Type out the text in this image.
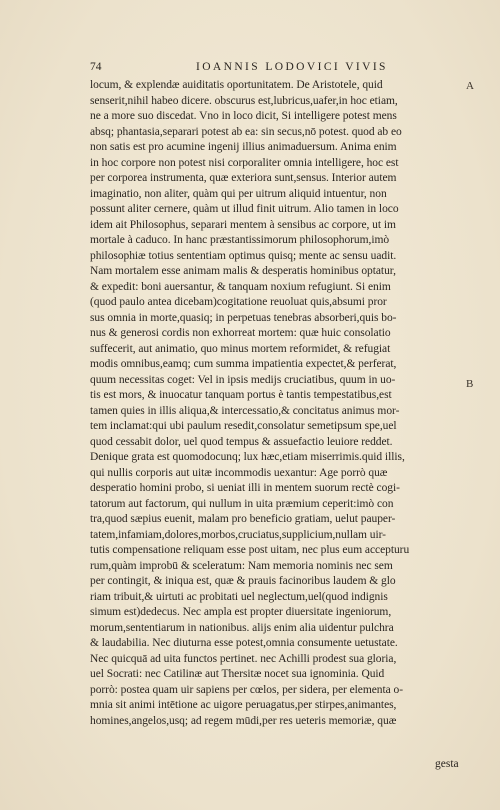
74	IOANNIS LODOVICI VIVIS
A
B
locum, & explendæ auiditatis oportunitatem. De Aristotele, quid
senserit,nihil habeo dicere. obscurus est,lubricus,uafer,in hoc etiam,
ne a more suo discedat. Vno in loco dicit, Si intelligere potest mens
absq; phantasia,separari potest ab ea: sin secus,nō potest. quod ab eo
non satis est pro acumine ingenij illius animaduersum. Anima enim
in hoc corpore non potest nisi corporaliter omnia intelligere, hoc est
per corporea instrumenta, quæ exteriora sunt,sensus. Interior autem
imaginatio, non aliter, quàm qui per uitrum aliquid intuentur, non
possunt aliter cernere, quàm ut illud finit uitrum. Alio tamen in loco
idem ait Philosophus, separari mentem à sensibus ac corpore, ut im
mortale à caduco. In hanc præstantissimorum philosophorum,imò
philosophiæ totius sententiam optimus quisq; mente ac sensu uadit.
Nam mortalem esse animam malis & desperatis hominibus optatur,
& expedit: boni auersantur, & tanquam noxium refugiunt. Si enim
(quod paulo antea dicebam)cogitatione reuoluat quis,absumi pror
sus omnia in morte,quasiq; in perpetuas tenebras absorberi,quis bo-
nus & generosi cordis non exhorreat mortem: quæ huic consolatio
suffecerit, aut animatio, quo minus mortem reformidet, & refugiat
modis omnibus,eamq; cum summa impatientia expectet,& perferat,
quum necessitas coget: Vel in ipsis medijs cruciatibus, quum in uo-
tis est mors, & inuocatur tanquam portus è tantis tempestatibus,est
tamen quies in illis aliqua,& intercessatio,& concitatus animus mor-
tem inclamat:qui ubi paulum resedit,consolatur semetipsum spe,uel
quod cessabit dolor, uel quod tempus & assuefactio leuiore reddet.
Denique grata est quomodocunq; lux hæc,etiam miserrimis.quid illis,
qui nullis corporis aut uitæ incommodis uexantur: Age porrò quæ
desperatio homini probo, si ueniat illi in mentem suorum rectè cogi-
tatorum aut factorum, qui nullum in uita præmium ceperit:imò con
tra,quod sæpius euenit, malam pro beneficio gratiam, uelut pauper-
tatem,infamiam,dolores,morbos,cruciatus,supplicium,nullam uir-
tutis compensatione reliquam esse post uitam, nec plus eum accepturu
rum,quàm improbū & sceleratum: Nam memoria nominis nec sem
per contingit, & iniqua est, quæ & prauis facinoribus laudem & glo
riam tribuit,& uirtuti ac probitati uel neglectum,uel(quod indignis
simum est)dedecus. Nec ampla est propter diuersitate ingeniorum,
morum,sententiarum in nationibus. alijs enim alia uidentur pulchra
& laudabilia. Nec diuturna esse potest,omnia consumente uetustate.
Nec quicquā ad uita functos pertinet. nec Achilli prodest sua gloria,
uel Socrati: nec Catilinæ aut Thersitæ nocet sua ignominia. Quid
porrò: postea quam uir sapiens per cœlos, per sidera, per elementa o-
mnia sit animi intētione ac uigore peruagatus,per stirpes,animantes,
homines,angelos,usq; ad regem mūdi,per res ueteris memoriæ, quæ
gesta
